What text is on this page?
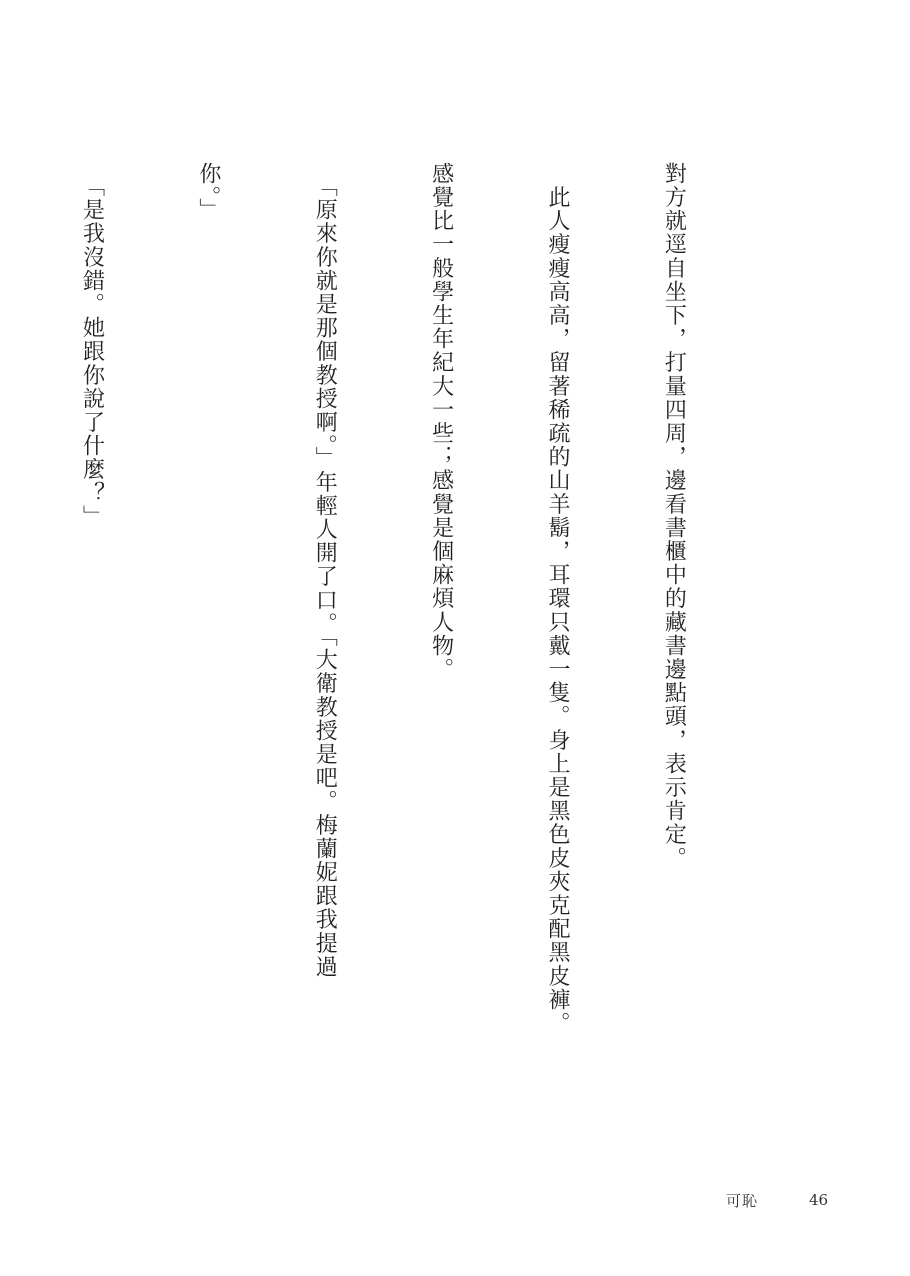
對方就逕自坐下，打量四周，邊看書櫃中的藏書邊點頭，表示肯定。

　此人瘦瘦高高，留著稀疏的山羊鬍，耳環只戴一隻。身上是黑色皮夾克配黑皮褲。

感覺比一般學生年紀大一些；感覺是個麻煩人物。

　「原來你就是那個教授啊。」年輕人開了口。「大衛教授是吧。梅蘭妮跟我提過

你。」

　「是我沒錯。她跟你說了什麼？」

可恥	46
